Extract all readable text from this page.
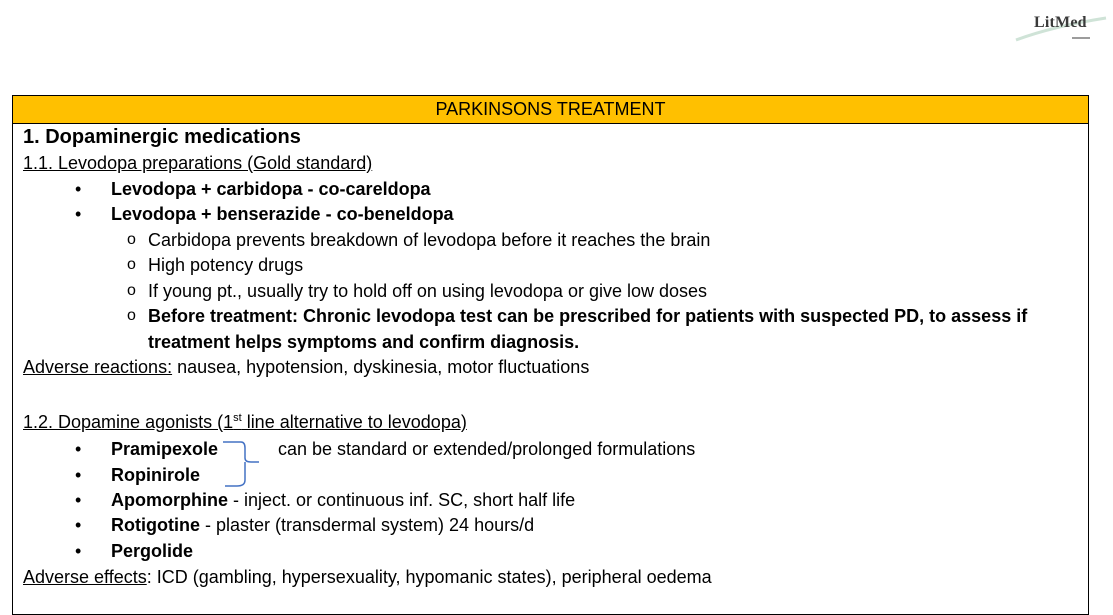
LitMed
PARKINSONS TREATMENT
1. Dopaminergic medications
1.1. Levodopa preparations (Gold standard)
• Levodopa + carbidopa - co-careldopa
• Levodopa + benserazide - co-beneldopa
o Carbidopa prevents breakdown of levodopa before it reaches the brain
o High potency drugs
o If young pt., usually try to hold off on using levodopa or give low doses
o Before treatment: Chronic levodopa test can be prescribed for patients with suspected PD, to assess if
treatment helps symptoms and confirm diagnosis.
Adverse reactions: nausea, hypotension, dyskinesia, motor fluctuations
1.2. Dopamine agonists (1st line alternative to levodopa)
• Pramipexole	can be standard or extended/prolonged formulations
• Ropinirole
• Apomorphine - inject. or continuous inf. SC, short half life
• Rotigotine - plaster (transdermal system) 24 hours/d
• Pergolide
Adverse effects: ICD (gambling, hypersexuality, hypomanic states), peripheral oedema
